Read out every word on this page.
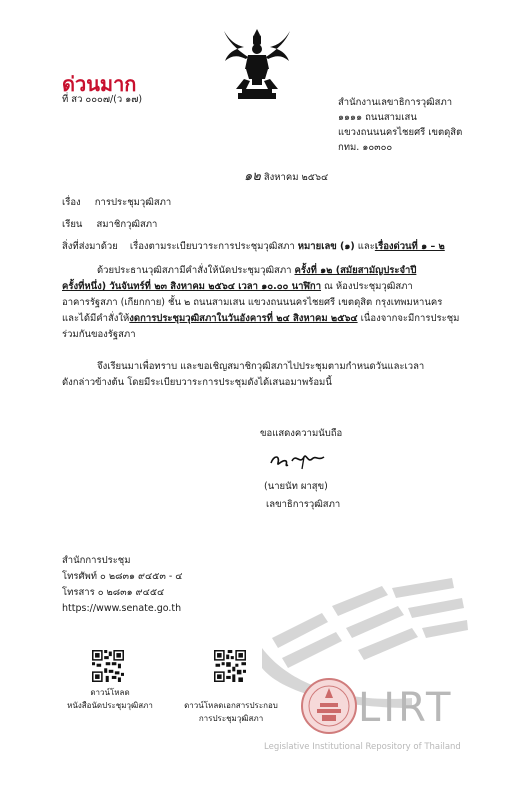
ด่วนมาก
ที่ สว ๐๐๐๗/(ว ๑๗)	สำนักงานเลขาธิการวุฒิสภา
๑๑๑๑ ถนนสามเสน
แขวงถนนนครไชยศรี เขตดุสิต
กทม. ๑๐๓๐๐
๑๒ สิงหาคม ๒๕๖๔
เรื่อง การประชุมวุฒิสภา
เรียน สมาชิกวุฒิสภา
สิ่งที่ส่งมาด้วย เรื่องตามระเบียบวาระการประชุมวุฒิสภา หมายเลข (๑) และเรื่องด่วนที่ ๑ – ๒
ด้วยประธานวุฒิสภามีคำสั่งให้นัดประชุมวุฒิสภา ครั้งที่ ๑๒ (สมัยสามัญประจำปี
ครั้งที่หนึ่ง) วันจันทร์ที่ ๒๓ สิงหาคม ๒๕๖๔ เวลา ๑๐.๐๐ นาฬิกา ณ ห้องประชุมวุฒิสภา
อาคารรัฐสภา (เกียกกาย) ชั้น ๒ ถนนสามเสน แขวงถนนนครไชยศรี เขตดุสิต กรุงเทพมหานคร
และได้มีคำสั่งให้งดการประชุมวุฒิสภาในวันอังคารที่ ๒๔ สิงหาคม ๒๕๖๔ เนื่องจากจะมีการประชุม
ร่วมกันของรัฐสภา
จึงเรียนมาเพื่อทราบ และขอเชิญสมาชิกวุฒิสภาไปประชุมตามกำหนดวันและเวลา
ดังกล่าวข้างต้น โดยมีระเบียบวาระการประชุมดังได้เสนอมาพร้อมนี้
ขอแสดงความนับถือ
(นายนัท ผาสุข)
เลขาธิการวุฒิสภา
LIRT
Legislative Institutional Repository of Thailand
สำนักการประชุม
โทรศัพท์ ๐ ๒๘๓๑ ๙๔๕๓ - ๔
โทรสาร ๐ ๒๘๓๑ ๙๔๕๔
https://www.senate.go.th
ดาวน์โหลด
หนังสือนัดประชุมวุฒิสภา	ดาวน์โหลดเอกสารประกอบ
การประชุมวุฒิสภา
